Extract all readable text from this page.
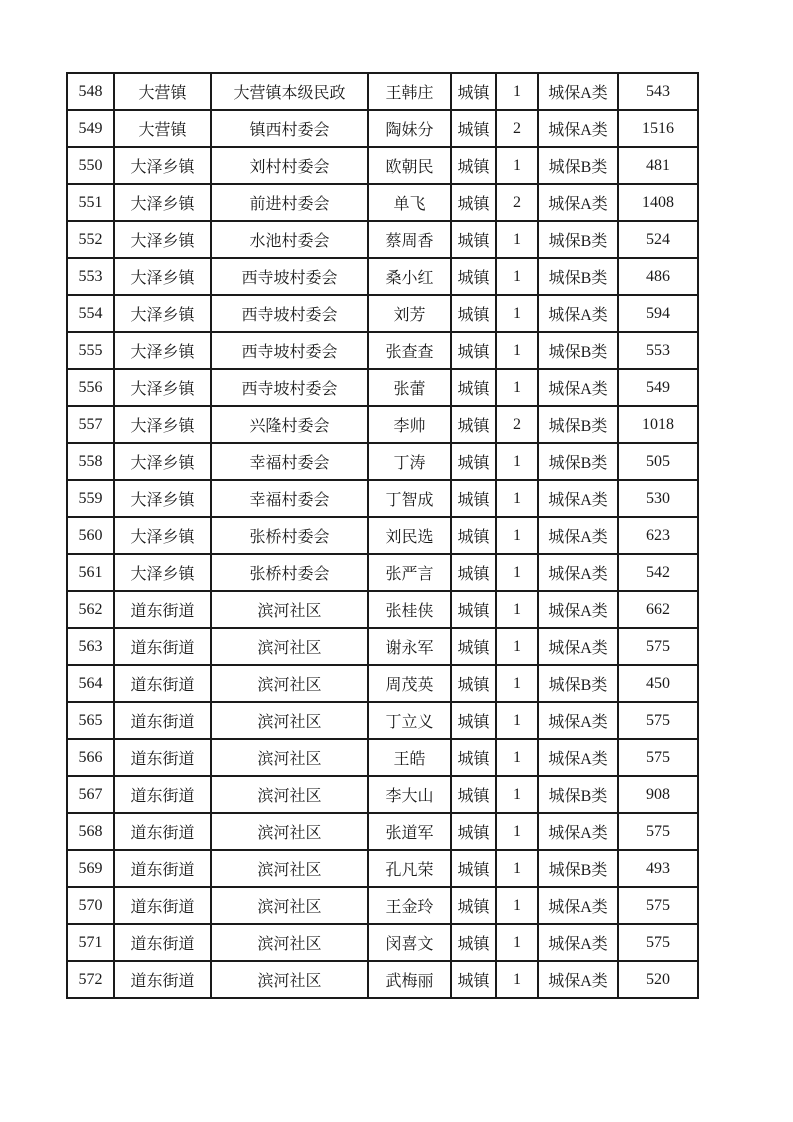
548	大营镇	大营镇本级民政	王韩庄	城镇	1	城保A类	543
549	大营镇	镇西村委会	陶妹分	城镇	2	城保A类	1516
550	大泽乡镇	刘村村委会	欧朝民	城镇	1	城保B类	481
551	大泽乡镇	前进村委会	单飞	城镇	2	城保A类	1408
552	大泽乡镇	水池村委会	蔡周香	城镇	1	城保B类	524
553	大泽乡镇	西寺坡村委会	桑小红	城镇	1	城保B类	486
554	大泽乡镇	西寺坡村委会	刘芳	城镇	1	城保A类	594
555	大泽乡镇	西寺坡村委会	张查查	城镇	1	城保B类	553
556	大泽乡镇	西寺坡村委会	张蕾	城镇	1	城保A类	549
557	大泽乡镇	兴隆村委会	李帅	城镇	2	城保B类	1018
558	大泽乡镇	幸福村委会	丁涛	城镇	1	城保B类	505
559	大泽乡镇	幸福村委会	丁智成	城镇	1	城保A类	530
560	大泽乡镇	张桥村委会	刘民选	城镇	1	城保A类	623
561	大泽乡镇	张桥村委会	张严言	城镇	1	城保A类	542
562	道东街道	滨河社区	张桂侠	城镇	1	城保A类	662
563	道东街道	滨河社区	谢永军	城镇	1	城保A类	575
564	道东街道	滨河社区	周茂英	城镇	1	城保B类	450
565	道东街道	滨河社区	丁立义	城镇	1	城保A类	575
566	道东街道	滨河社区	王皓	城镇	1	城保A类	575
567	道东街道	滨河社区	李大山	城镇	1	城保B类	908
568	道东街道	滨河社区	张道军	城镇	1	城保A类	575
569	道东街道	滨河社区	孔凡荣	城镇	1	城保B类	493
570	道东街道	滨河社区	王金玲	城镇	1	城保A类	575
571	道东街道	滨河社区	闵喜文	城镇	1	城保A类	575
572	道东街道	滨河社区	武梅丽	城镇	1	城保A类	520
